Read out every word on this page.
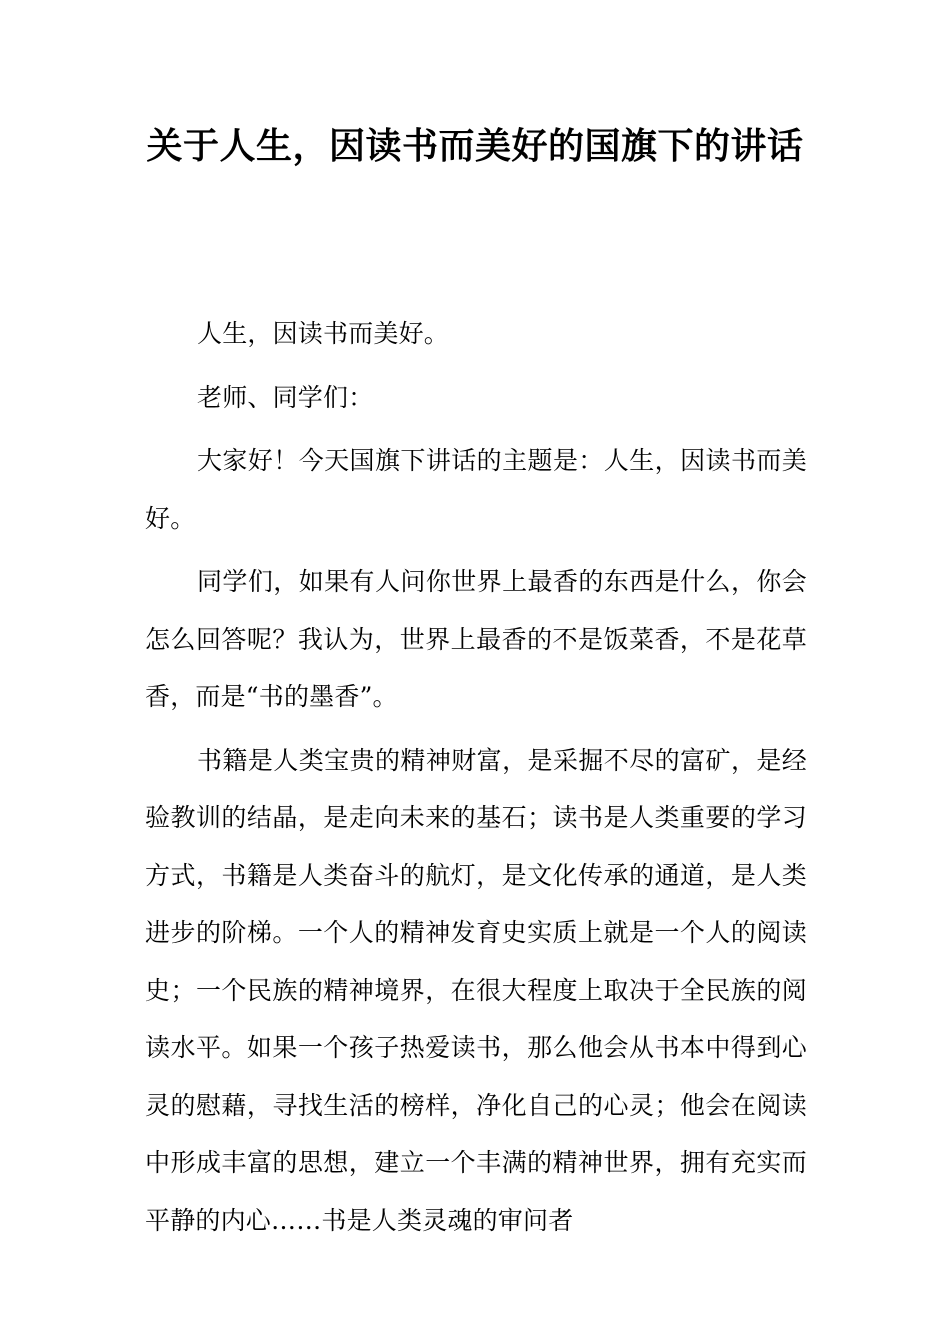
关于人生，因读书而美好的国旗下的讲话

人生，因读书而美好。

老师、同学们：

大家好！今天国旗下讲话的主题是：人生，因读书而美好。

同学们，如果有人问你世界上最香的东西是什么，你会怎么回答呢？我认为，世界上最香的不是饭菜香，不是花草香，而是“书的墨香”。

书籍是人类宝贵的精神财富，是采掘不尽的富矿，是经验教训的结晶，是走向未来的基石；读书是人类重要的学习方式，书籍是人类奋斗的航灯，是文化传承的通道，是人类进步的阶梯。一个人的精神发育史实质上就是一个人的阅读史；一个民族的精神境界，在很大程度上取决于全民族的阅读水平。如果一个孩子热爱读书，那么他会从书本中得到心灵的慰藉，寻找生活的榜样，净化自己的心灵；他会在阅读中形成丰富的思想，建立一个丰满的精神世界，拥有充实而平静的内心……书是人类灵魂的审问者
